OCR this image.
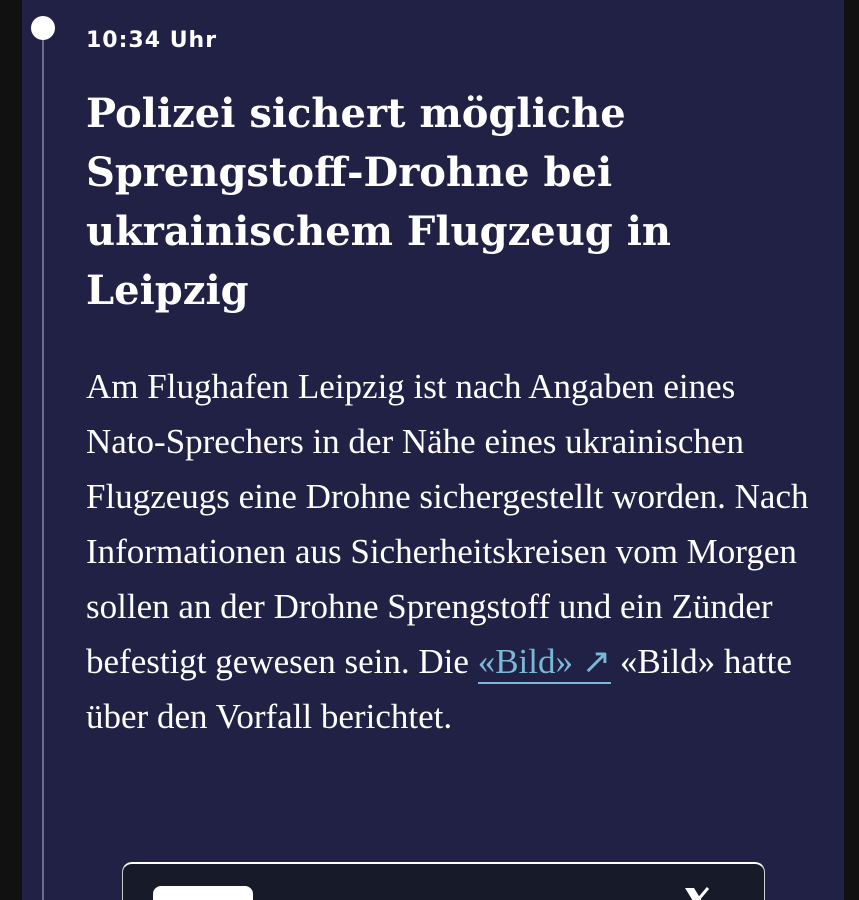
10:34 Uhr
Polizei sichert mögliche Sprengstoff-Drohne bei ukrainischem Flugzeug in Leipzig

Am Flughafen Leipzig ist nach Angaben eines Nato-Sprechers in der Nähe eines ukrainischen Flugzeugs eine Drohne sichergestellt worden. Nach Informationen aus Sicherheitskreisen vom Morgen sollen an der Drohne Sprengstoff und ein Zünder befestigt gewesen sein. Die «Bild» ↗ «Bild» hatte über den Vorfall berichtet.
